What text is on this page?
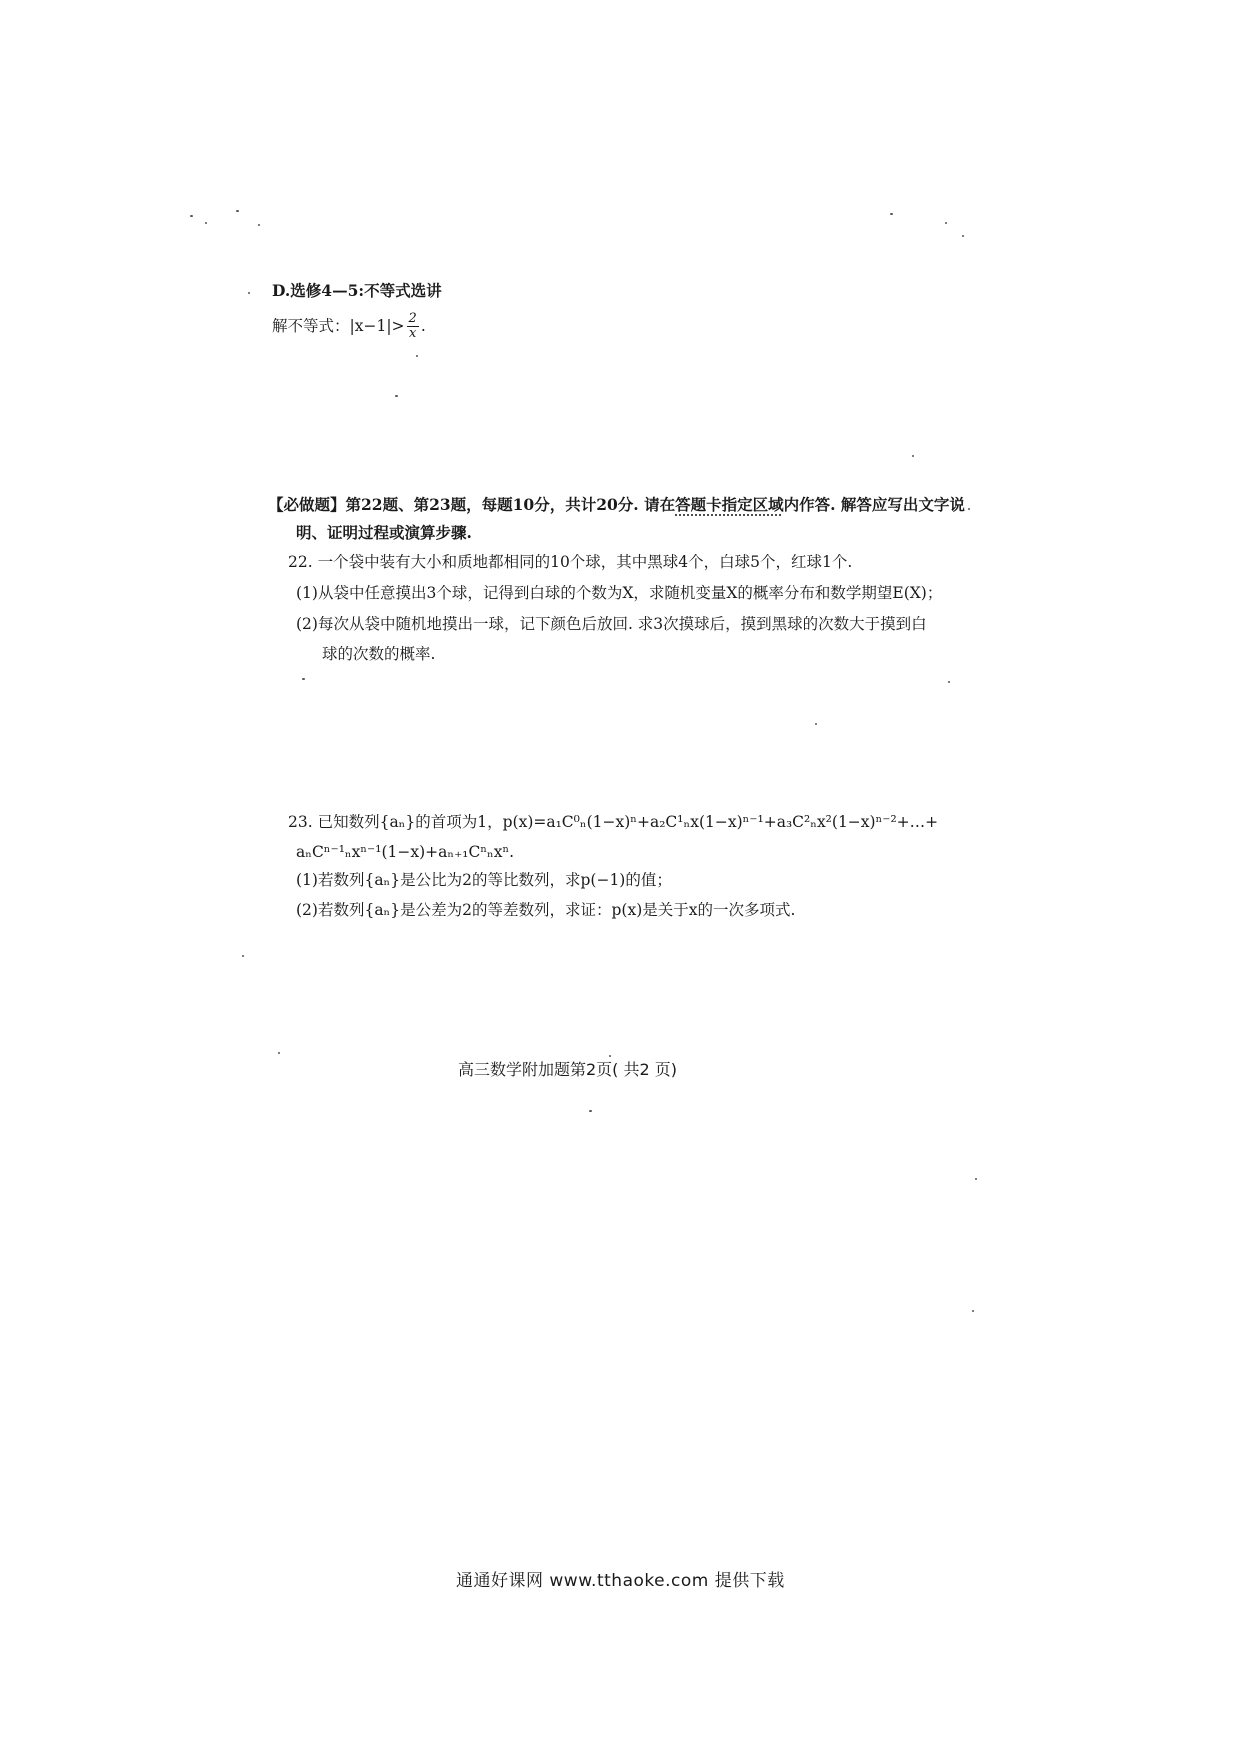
D.选修4—5:不等式选讲
解不等式：$|x-1|> \frac{2}{x}$ .
【必做题】第22题、第23题，每题10分，共计20分. 请在答题卡指定区域内作答. 解答应写出文字说
明、证明过程或演算步骤.
22. 一个袋中装有大小和质地都相同的10个球，其中黑球4个，白球5个，红球1个.
(1)从袋中任意摸出3个球，记得到白球的个数为X，求随机变量X的概率分布和数学期望E(X)；
(2)每次从袋中随机地摸出一球，记下颜色后放回. 求3次摸球后，摸到黑球的次数大于摸到白
球的次数的概率.
23. 已知数列{aₙ}的首项为1，p(x)=a₁C⁰ₙ(1−x)ⁿ+a₂C¹ₙx(1−x)ⁿ⁻¹+a₃C²ₙx²(1−x)ⁿ⁻²+…+
aₙCⁿ⁻¹ₙxⁿ⁻¹(1−x)+aₙ₊₁Cⁿₙxⁿ.
(1)若数列{aₙ}是公比为2的等比数列，求p(−1)的值；
(2)若数列{aₙ}是公差为2的等差数列，求证：p(x)是关于x的一次多项式.
高三数学附加题第2页( 共2 页)
通通好课网 www.tthaoke.com 提供下载
